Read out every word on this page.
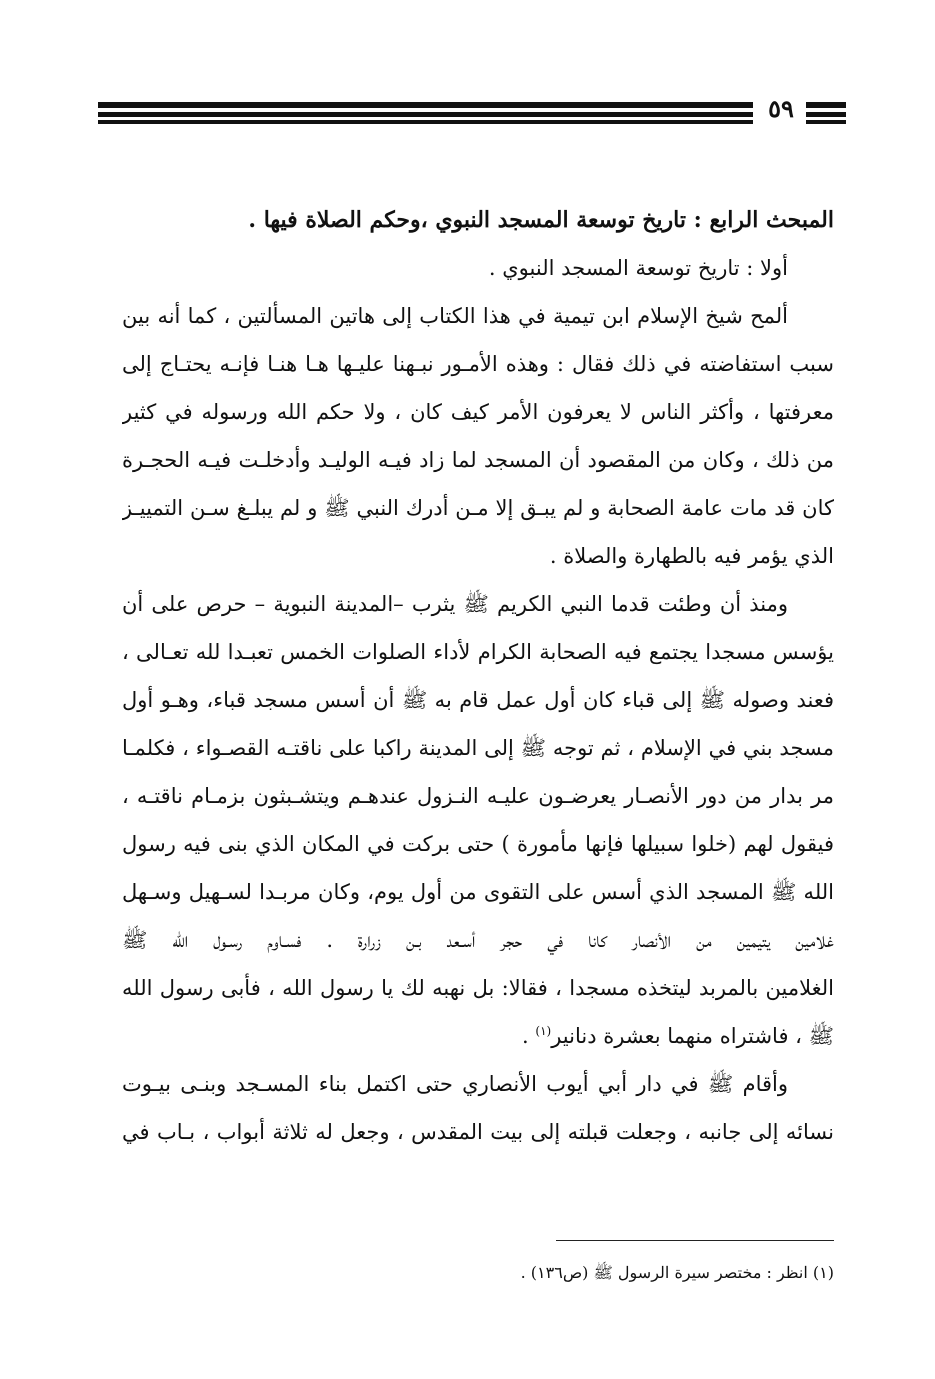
٥٩
المبحث الرابع : تاريخ توسعة المسجد النبوي ،وحكم الصلاة فيها .
أولا : تاريخ توسعة المسجد النبوي .
ألمح شيخ الإسلام ابن تيمية في هذا الكتاب إلى هاتين المسألتين ، كما أنه بين
سبب استفاضته في ذلك فقال : وهذه الأمـور نبـهنا عليـها هـا هنـا فإنـه يحتـاج إلى
معرفتها ، وأكثر الناس لا يعرفون الأمر كيف كان ، ولا حكم الله ورسوله في كثير
من ذلك ، وكان من المقصود أن المسجد لما زاد فيـه الوليـد وأدخلـت فيـه الحجـرة
كان قد مات عامة الصحابة و لم يبـق إلا مـن أدرك النبي ﷺ و لم يبلـغ سـن التمييـز
الذي يؤمر فيه بالطهارة والصلاة .
ومنذ أن وطئت قدما النبي الكريم ﷺ يثرب –المدينة النبوية – حرص على أن
يؤسس مسجدا يجتمع فيه الصحابة الكرام لأداء الصلوات الخمس تعبـدا لله تعـالى ،
فعند وصوله ﷺ إلى قباء كان أول عمل قام به ﷺ أن أسس مسجد قباء، وهـو أول
مسجد بني في الإسلام ، ثم توجه ﷺ إلى المدينة راكبا على ناقتـه القصـواء ، فكلمـا
مر بدار من دور الأنصـار يعرضـون عليـه النـزول عندهـم ويتشـبثون بزمـام ناقتـه ،
فيقول لهم (خلوا سبيلها فإنها مأمورة ) حتى بركت في المكان الذي بنى فيه رسول
الله ﷺ المسجد الذي أسس على التقوى من أول يوم، وكان مربـدا لسـهيل وسـهل
غلامين يتيمين من الأنصار كانا في حجر أسـعد بـن زرارة . فسـاوم رسـول الله ﷺ
الغلامين بالمربد ليتخذه مسجدا ، فقالا: بل نهبه لك يا رسول الله ، فأبى رسول الله
ﷺ ، فاشتراه منهما بعشرة دنانير$^{(١)}$ .
وأقام ﷺ في دار أبي أيوب الأنصاري حتى اكتمل بناء المسـجد وبنـى بيـوت
نسائه إلى جانبه ، وجعلت قبلته إلى بيت المقدس ، وجعل له ثلاثة أبواب ، بـاب في
(١) انظر : مختصر سيرة الرسول ﷺ (ص١٣٦) .
